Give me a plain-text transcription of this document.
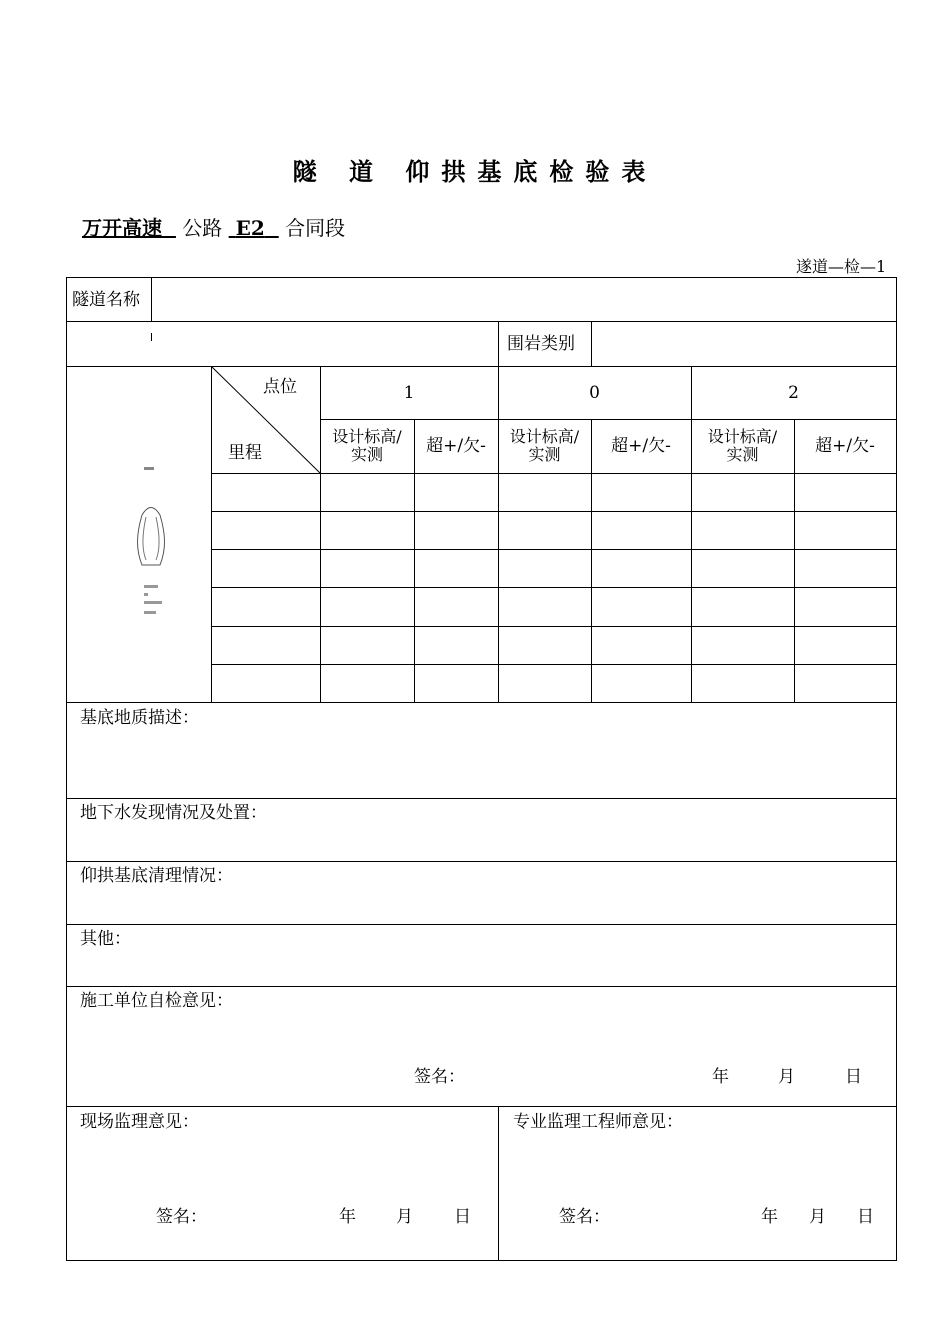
隧 道 仰拱基底检验表
万开高速 公路 E2 合同段
遂道—检—1
隧道名称
围岩类别
点位
里程
1	0	2
设计标高/实测	超+/欠-	设计标高/实测	超+/欠-	设计标高/实测	超+/欠-
基底地质描述：
地下水发现情况及处置：
仰拱基底清理情况：
其他：
施工单位自检意见：
签名：	年	月	日
现场监理意见：	专业监理工程师意见：
签名：	年 月 日	签名：	年 月 日
